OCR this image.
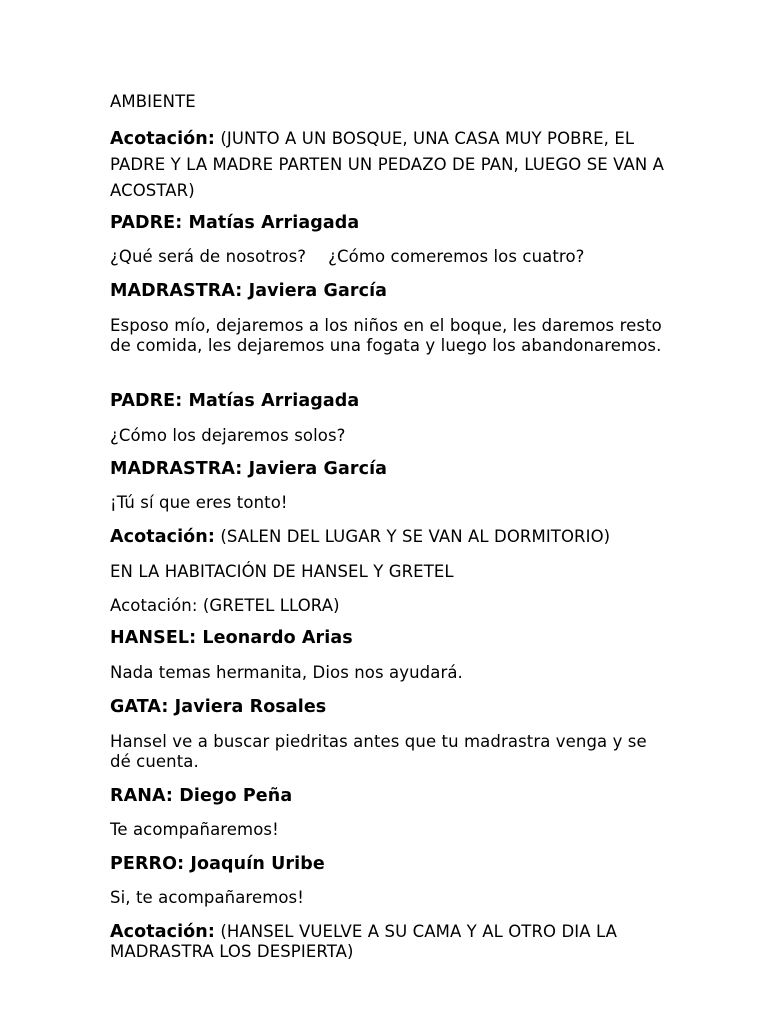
AMBIENTE

Acotación: (JUNTO A UN BOSQUE, UNA CASA MUY POBRE, EL PADRE Y LA MADRE PARTEN UN PEDAZO DE PAN, LUEGO SE VAN A ACOSTAR)

PADRE: Matías Arriagada

¿Qué será de nosotros? ¿Cómo comeremos los cuatro?

MADRASTRA: Javiera García

Esposo mío, dejaremos a los niños en el boque, les daremos resto de comida, les dejaremos una fogata y luego los abandonaremos.

PADRE: Matías Arriagada

¿Cómo los dejaremos solos?

MADRASTRA: Javiera García

¡Tú sí que eres tonto!

Acotación: (SALEN DEL LUGAR Y SE VAN AL DORMITORIO)

EN LA HABITACIÓN DE HANSEL Y GRETEL

Acotación: (GRETEL LLORA)

HANSEL: Leonardo Arias

Nada temas hermanita, Dios nos ayudará.

GATA: Javiera Rosales

Hansel ve a buscar piedritas antes que tu madrastra venga y se dé cuenta.

RANA: Diego Peña

Te acompañaremos!

PERRO: Joaquín Uribe

Si, te acompañaremos!

Acotación: (HANSEL VUELVE A SU CAMA Y AL OTRO DIA LA MADRASTRA LOS DESPIERTA)
